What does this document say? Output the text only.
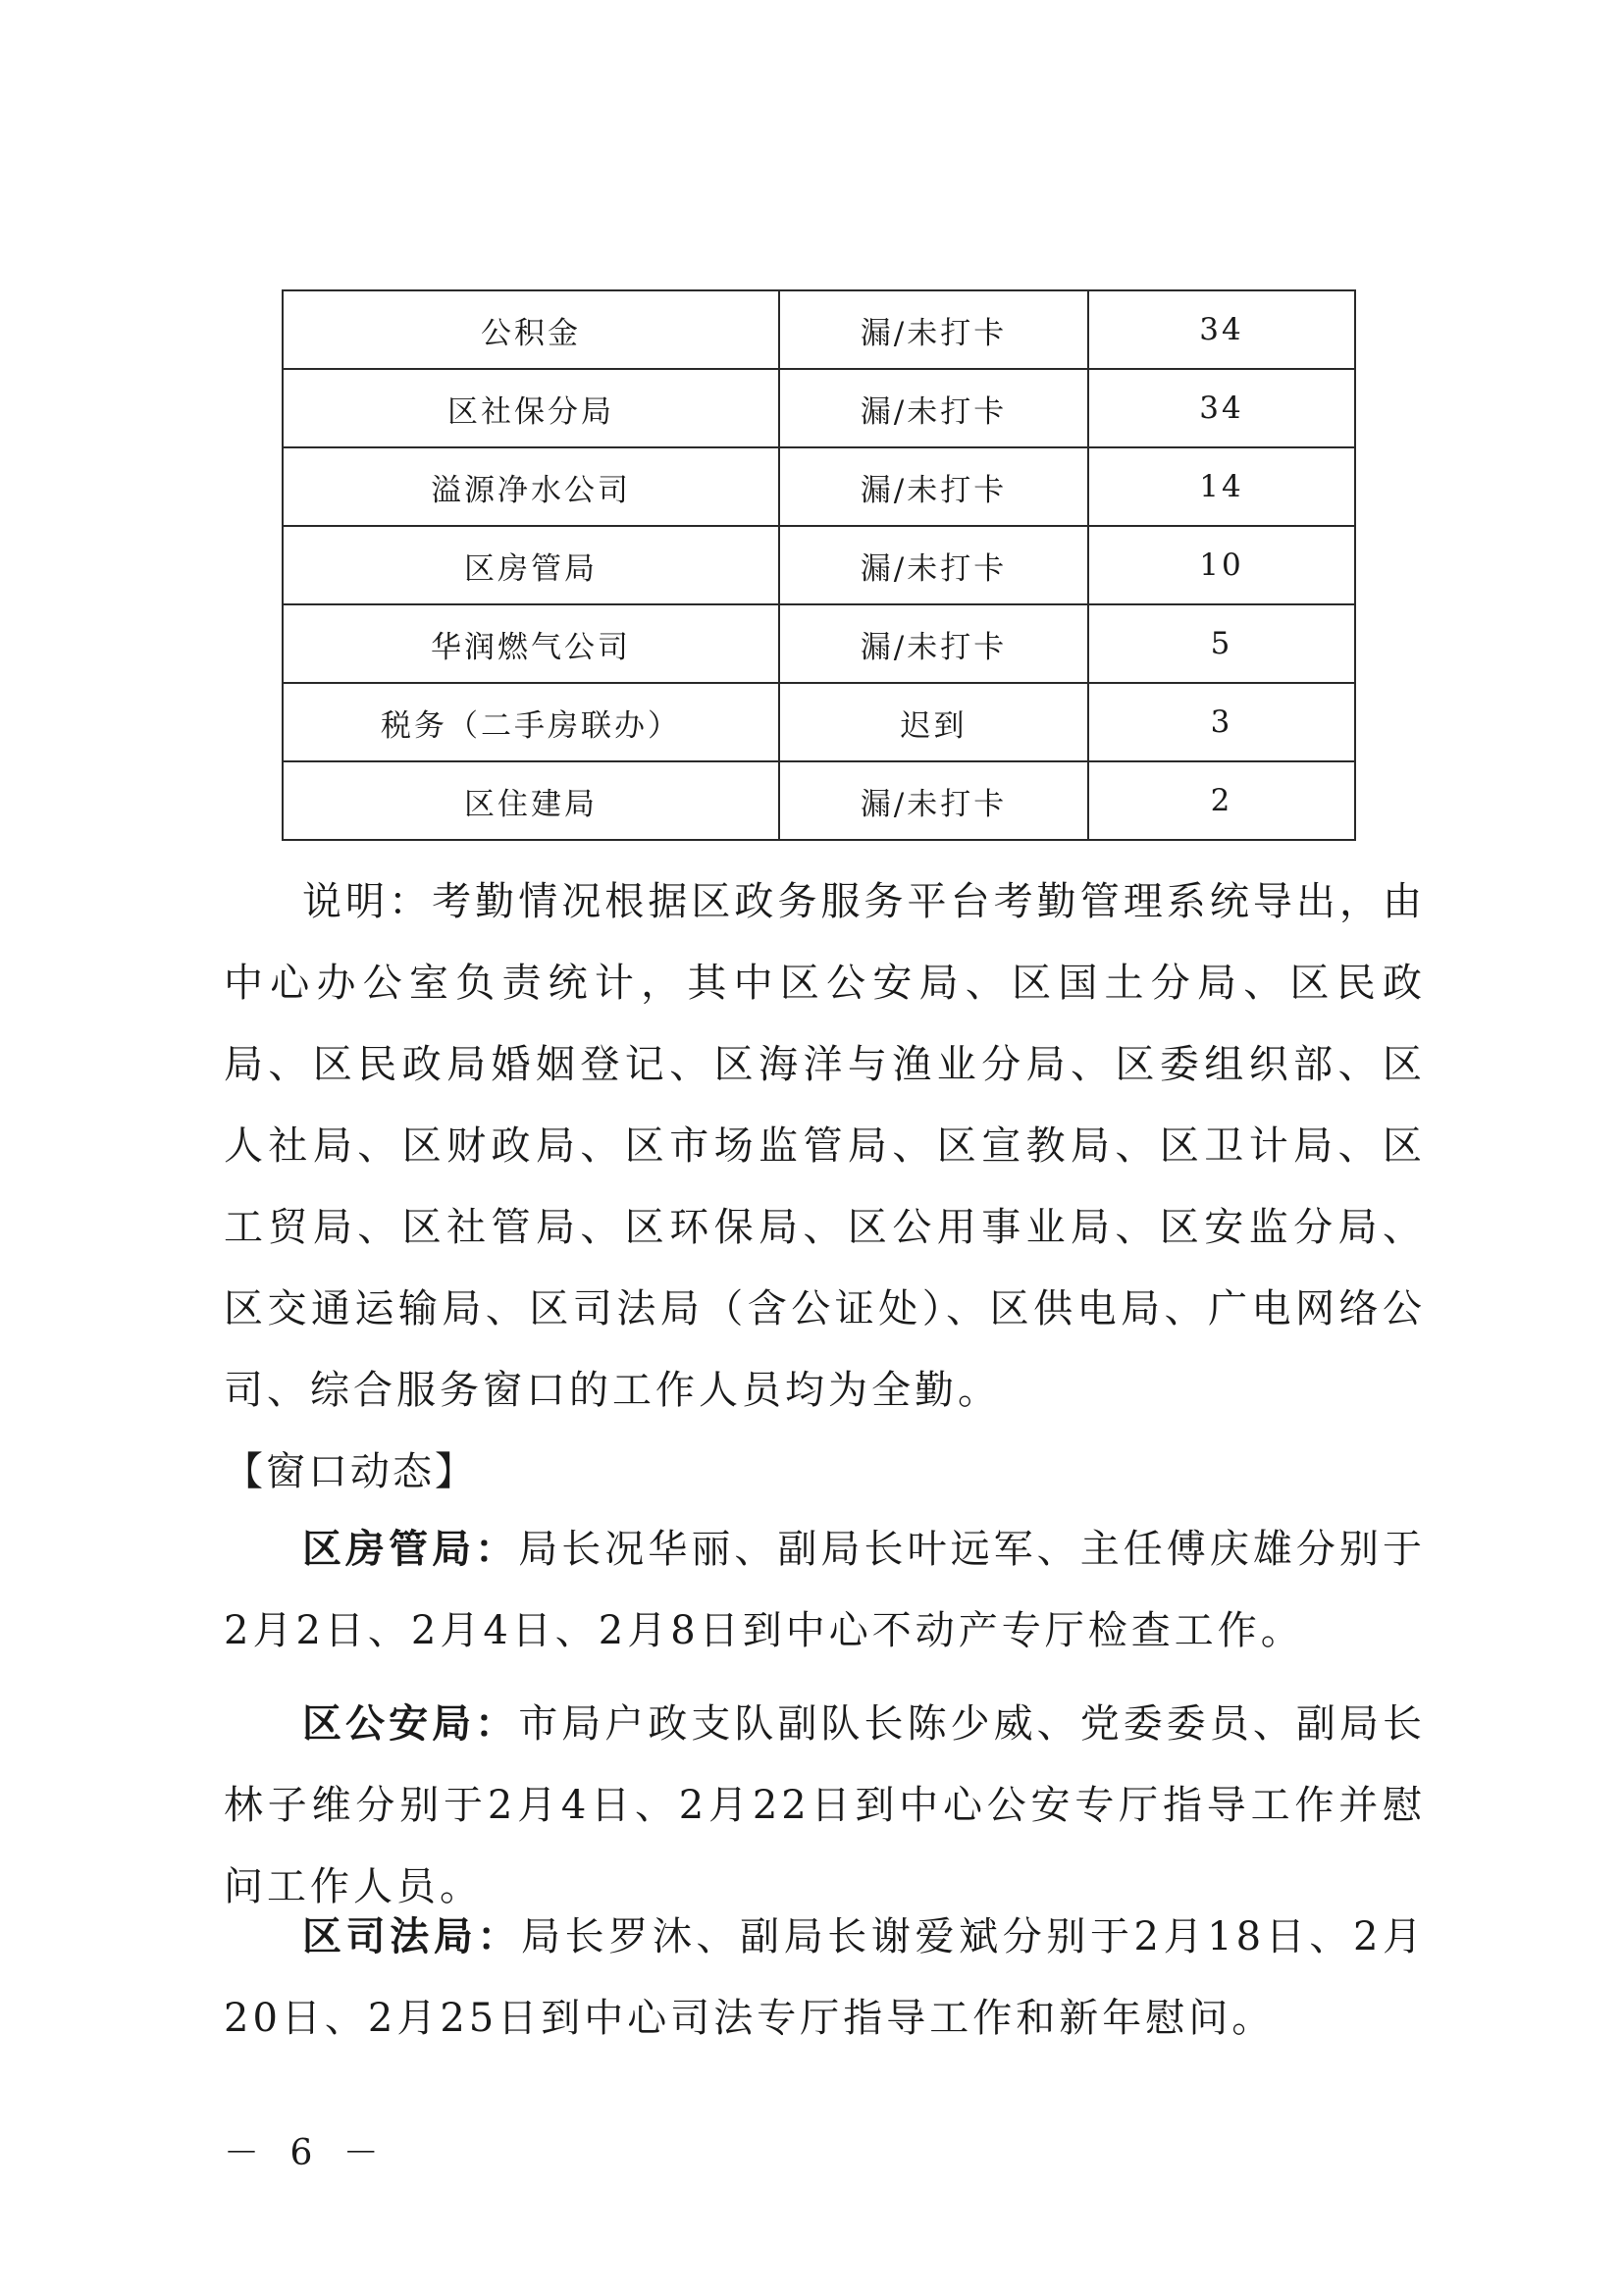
公积金	漏/未打卡	34
区社保分局	漏/未打卡	34
溢源净水公司	漏/未打卡	14
区房管局	漏/未打卡	10
华润燃气公司	漏/未打卡	5
税务（二手房联办）	迟到	3
区住建局	漏/未打卡	2

说明：考勤情况根据区政务服务平台考勤管理系统导出，由中心办公室负责统计，其中区公安局、区国土分局、区民政局、区民政局婚姻登记、区海洋与渔业分局、区委组织部、区人社局、区财政局、区市场监管局、区宣教局、区卫计局、区工贸局、区社管局、区环保局、区公用事业局、区安监分局、区交通运输局、区司法局（含公证处）、区供电局、广电网络公司、综合服务窗口的工作人员均为全勤。

【窗口动态】

区房管局：局长况华丽、副局长叶远军、主任傅庆雄分别于2月2日、2月4日、2月8日到中心不动产专厅检查工作。

区公安局：市局户政支队副队长陈少威、党委委员、副局长林子维分别于2月4日、2月22日到中心公安专厅指导工作并慰问工作人员。

区司法局：局长罗沐、副局长谢爱斌分别于2月18日、2月20日、2月25日到中心司法专厅指导工作和新年慰问。

－ 6 －
